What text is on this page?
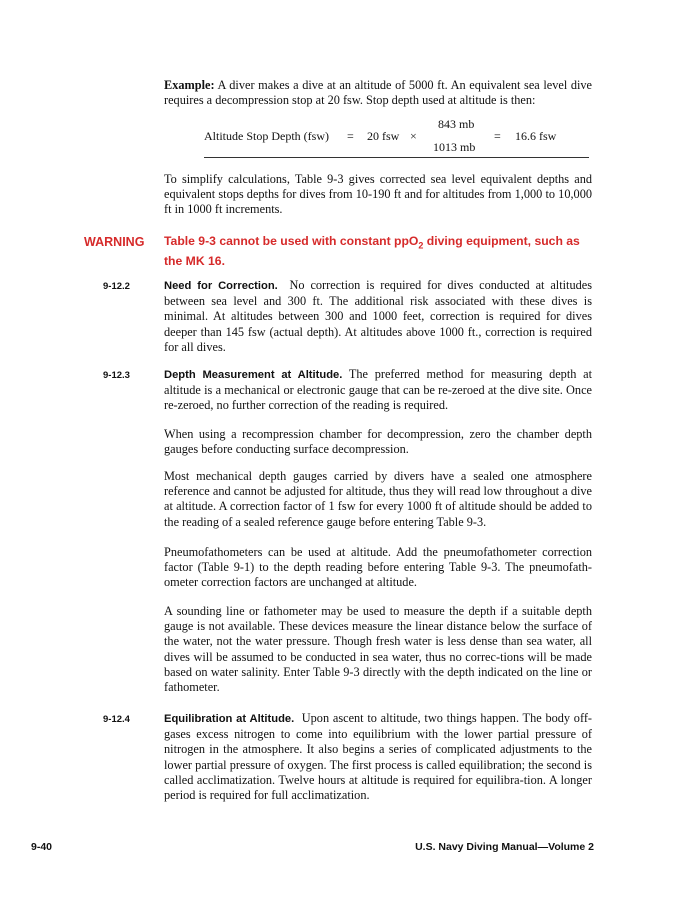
Example: A diver makes a dive at an altitude of 5000 ft. An equivalent sea level dive requires a decompression stop at 20 fsw. Stop depth used at altitude is then:

Altitude Stop Depth (fsw) = 20 fsw ×
843 mb
1013 mb
= 16.6 fsw

To simplify calculations, Table 9-3 gives corrected sea level equivalent depths and equivalent stops depths for dives from 10-190 ft and for altitudes from 1,000 to 10,000 ft in 1000 ft increments.

WARNING Table 9-3 cannot be used with constant ppO$_2$ diving equipment, such as the MK 16.
9-12.2	Need for Correction. No correction is required for dives conducted at altitudes between sea level and 300 ft. The additional risk associated with these dives is minimal. At altitudes between 300 and 1000 feet, correction is required for dives deeper than 145 fsw (actual depth). At altitudes above 1000 ft., correction is required for all dives.

9-12.3	Depth Measurement at Altitude. The preferred method for measuring depth at altitude is a mechanical or electronic gauge that can be re-zeroed at the dive site. Once re-zeroed, no further correction of the reading is required.

When using a recompression chamber for decompression, zero the chamber depth gauges before conducting surface decompression.

Most mechanical depth gauges carried by divers have a sealed one atmosphere reference and cannot be adjusted for altitude, thus they will read low throughout a dive at altitude. A correction factor of 1 fsw for every 1000 ft of altitude should be added to the reading of a sealed reference gauge before entering Table 9-3.

Pneumofathometers can be used at altitude. Add the pneumofathometer correction factor (Table 9-1) to the depth reading before entering Table 9-3. The pneumofath-ometer correction factors are unchanged at altitude.

A sounding line or fathometer may be used to measure the depth if a suitable depth gauge is not available. These devices measure the linear distance below the surface of the water, not the water pressure. Though fresh water is less dense than sea water, all dives will be assumed to be conducted in sea water, thus no correc-tions will be made based on water salinity. Enter Table 9-3 directly with the depth indicated on the line or fathometer.

9-12.4	Equilibration at Altitude. Upon ascent to altitude, two things happen. The body off-gases excess nitrogen to come into equilibrium with the lower partial pressure of nitrogen in the atmosphere. It also begins a series of complicated adjustments to the lower partial pressure of oxygen. The first process is called equilibration; the second is called acclimatization. Twelve hours at altitude is required for equilibra-tion. A longer period is required for full acclimatization.

9-40	U.S. Navy Diving Manual—Volume 2
